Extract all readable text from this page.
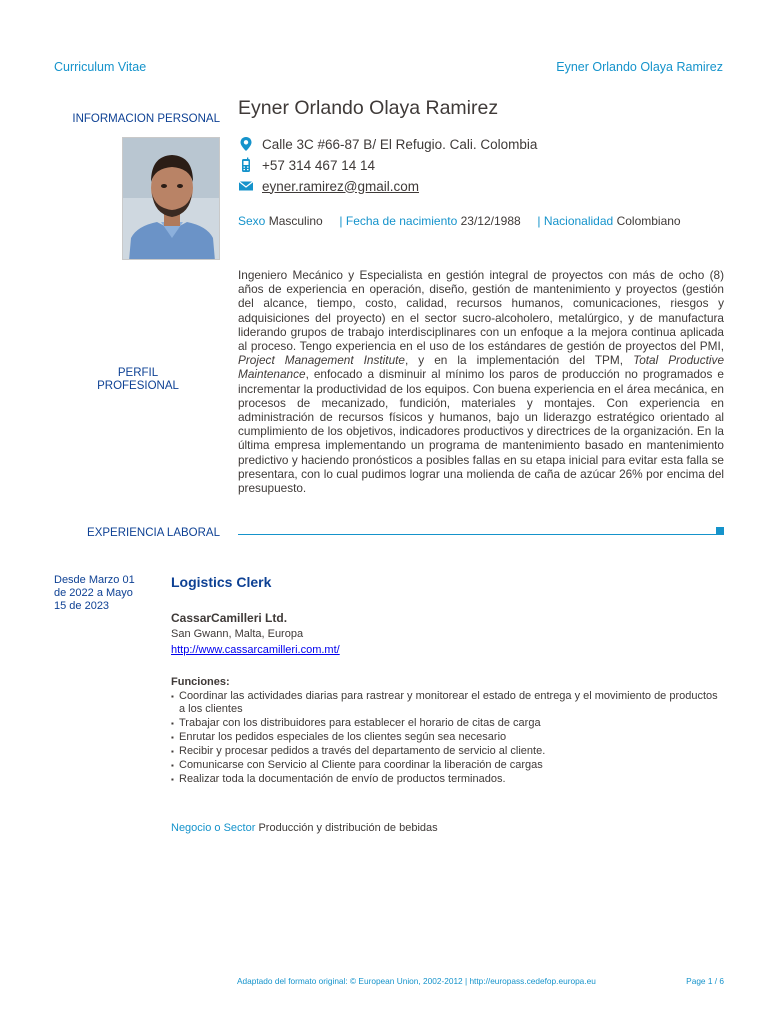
Curriculum Vitae	Eyner Orlando Olaya Ramirez
INFORMACION PERSONAL Eyner Orlando Olaya Ramirez
Calle 3C #66-87 B/ El Refugio. Cali. Colombia
+57 314 467 14 14
eyner.ramirez@gmail.com
Sexo Masculino | Fecha de nacimiento 23/12/1988 | Nacionalidad Colombiano
PERFIL
PROFESIONAL
Ingeniero Mecánico y Especialista en gestión integral de proyectos con más de ocho (8) años de experiencia en operación, diseño, gestión de mantenimiento y proyectos (gestión del alcance, tiempo, costo, calidad, recursos humanos, comunicaciones, riesgos y adquisiciones del proyecto) en el sector sucro-alcoholero, metalúrgico, y de manufactura liderando grupos de trabajo interdisciplinares con un enfoque a la mejora continua aplicada al proceso. Tengo experiencia en el uso de los estándares de gestión de proyectos del PMI, Project Management Institute, y en la implementación del TPM, Total Productive Maintenance, enfocado a disminuir al mínimo los paros de producción no programados e incrementar la productividad de los equipos. Con buena experiencia en el área mecánica, en procesos de mecanizado, fundición, materiales y montajes. Con experiencia en administración de recursos físicos y humanos, bajo un liderazgo estratégico orientado al cumplimiento de los objetivos, indicadores productivos y directrices de la organización. En la última empresa implementando un programa de mantenimiento basado en mantenimiento predictivo y haciendo pronósticos a posibles fallas en su etapa inicial para evitar esta falla se presentara, con lo cual pudimos lograr una molienda de caña de azúcar 26% por encima del presupuesto.
EXPERIENCIA LABORAL
Desde Marzo 01 de 2022 a Mayo 15 de 2023
Logistics Clerk
CassarCamilleri Ltd.
San Gwann, Malta, Europa
http://www.cassarcamilleri.com.mt/
Funciones:
▪ Coordinar las actividades diarias para rastrear y monitorear el estado de entrega y el movimiento de productos a los clientes
▪ Trabajar con los distribuidores para establecer el horario de citas de carga
▪ Enrutar los pedidos especiales de los clientes según sea necesario
▪ Recibir y procesar pedidos a través del departamento de servicio al cliente.
▪ Comunicarse con Servicio al Cliente para coordinar la liberación de cargas
▪ Realizar toda la documentación de envío de productos terminados.
Negocio o Sector Producción y distribución de bebidas
Adaptado del formato original: © European Union, 2002-2012 | http://europass.cedefop.europa.eu	Page 1 / 6
